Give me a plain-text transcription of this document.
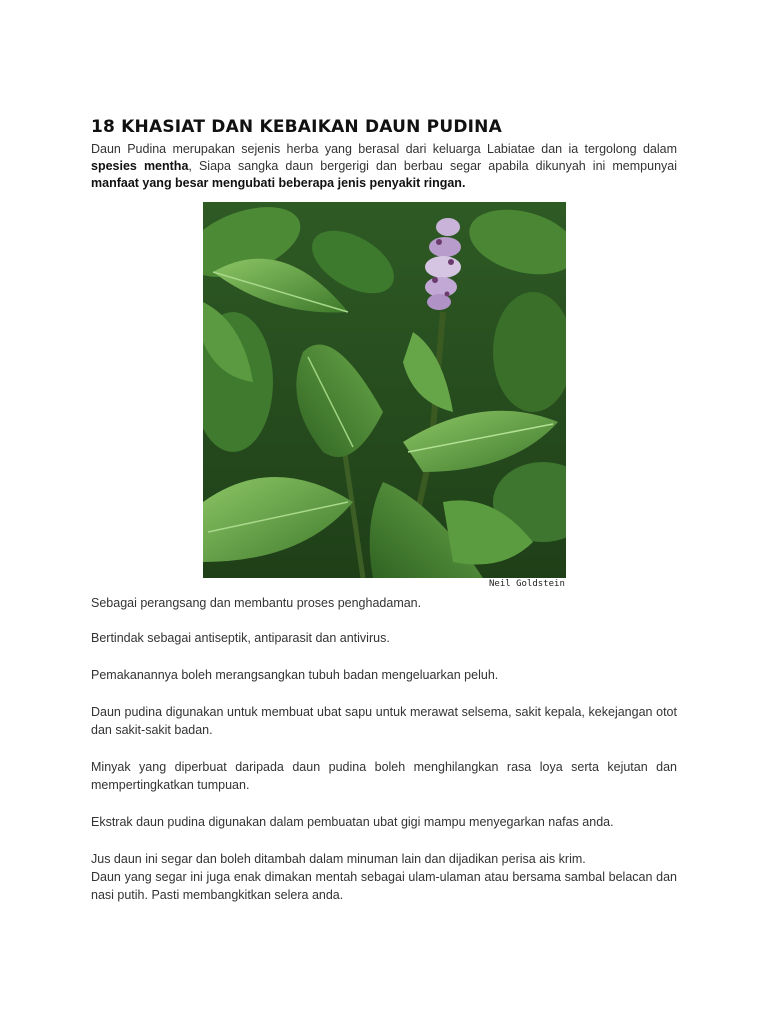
18 KHASIAT DAN KEBAIKAN DAUN PUDINA

Daun Pudina merupakan sejenis herba yang berasal dari keluarga Labiatae dan ia tergolong dalam spesies mentha, Siapa sangka daun bergerigi dan berbau segar apabila dikunyah ini mempunyai manfaat yang besar mengubati beberapa jenis penyakit ringan.

Neil Goldstein

Sebagai perangsang dan membantu proses penghadaman.

Bertindak sebagai antiseptik, antiparasit dan antivirus.

Pemakanannya boleh merangsangkan tubuh badan mengeluarkan peluh.

Daun pudina digunakan untuk membuat ubat sapu untuk merawat selsema, sakit kepala, kekejangan otot dan sakit-sakit badan.

Minyak yang diperbuat daripada daun pudina boleh menghilangkan rasa loya serta kejutan dan mempertingkatkan tumpuan.

Ekstrak daun pudina digunakan dalam pembuatan ubat gigi mampu menyegarkan nafas anda.

Jus daun ini segar dan boleh ditambah dalam minuman lain dan dijadikan perisa ais krim.

Daun yang segar ini juga enak dimakan mentah sebagai ulam-ulaman atau bersama sambal belacan dan nasi putih. Pasti membangkitkan selera anda.
